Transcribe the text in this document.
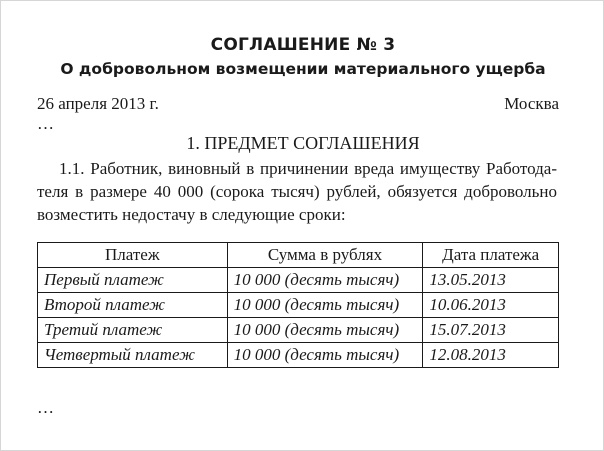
СОГЛАШЕНИЕ № 3
О добровольном возмещении материального ущерба
26 апреля 2013 г.	Москва
…
1. ПРЕДМЕТ СОГЛАШЕНИЯ
1.1. Работник, виновный в причинении вреда имуществу Работода-
теля в размере 40 000 (сорока тысяч) рублей, обязуется добровольно
возместить недостачу в следующие сроки:
Платеж	Сумма в рублях	Дата платежа
Первый платеж	10 000 (десять тысяч)	13.05.2013
Второй платеж	10 000 (десять тысяч)	10.06.2013
Третий платеж	10 000 (десять тысяч)	15.07.2013
Четвертый платеж	10 000 (десять тысяч)	12.08.2013
…
